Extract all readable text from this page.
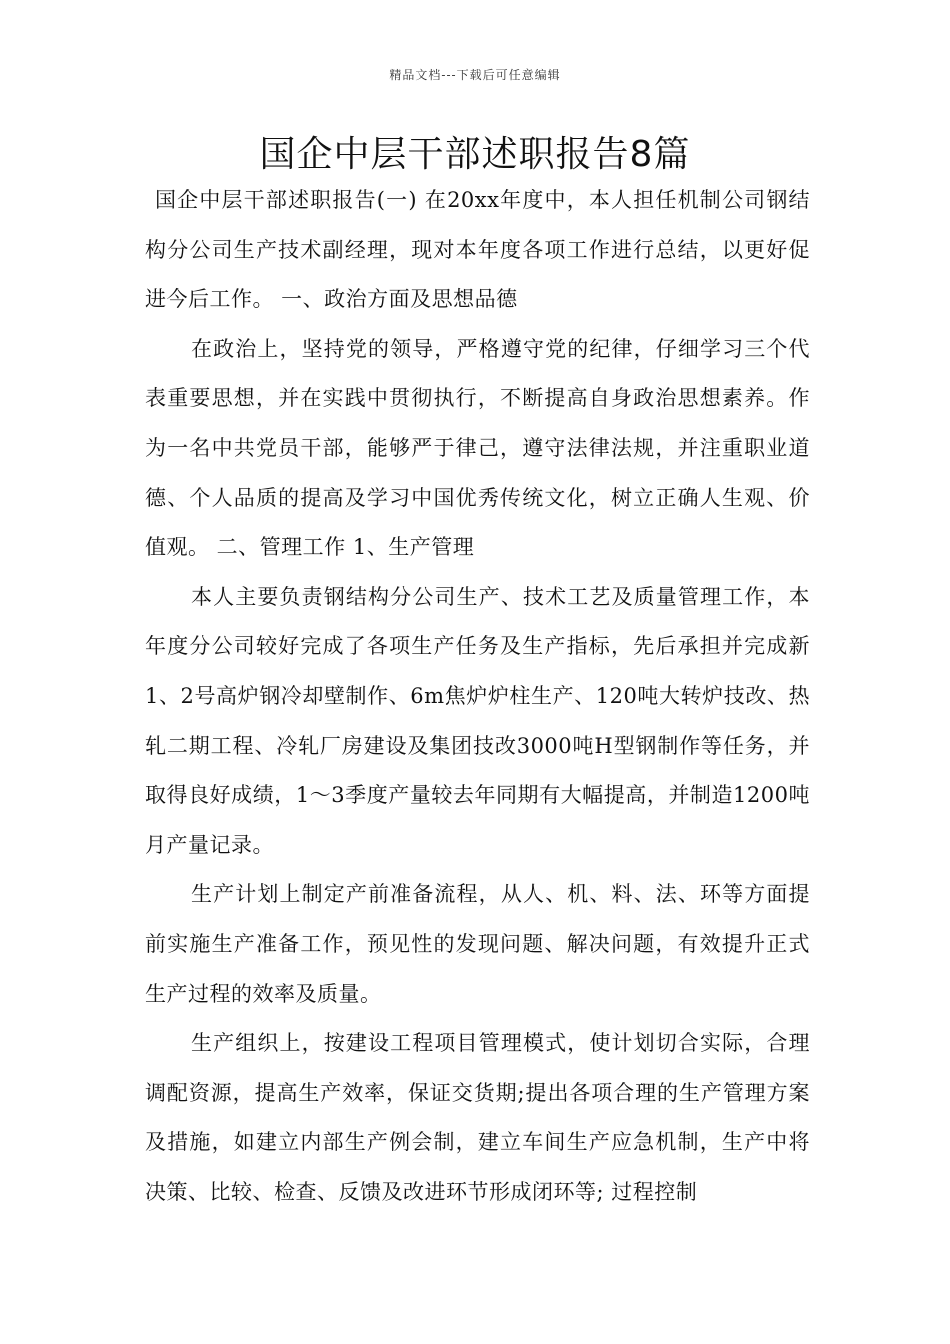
精品文档---下载后可任意编辑
国企中层干部述职报告8篇

国企中层干部述职报告(一) 在20xx年度中，本人担任机制公司钢结构分公司生产技术副经理，现对本年度各项工作进行总结，以更好促进今后工作。 一、政治方面及思想品德

在政治上，坚持党的领导，严格遵守党的纪律，仔细学习三个代表重要思想，并在实践中贯彻执行，不断提高自身政治思想素养。作为一名中共党员干部，能够严于律己，遵守法律法规，并注重职业道德、个人品质的提高及学习中国优秀传统文化，树立正确人生观、价值观。 二、管理工作 1、生产管理

本人主要负责钢结构分公司生产、技术工艺及质量管理工作，本年度分公司较好完成了各项生产任务及生产指标，先后承担并完成新1、2号高炉钢冷却壁制作、6m焦炉炉柱生产、120吨大转炉技改、热轧二期工程、冷轧厂房建设及集团技改3000吨H型钢制作等任务，并取得良好成绩，1～3季度产量较去年同期有大幅提高，并制造1200吨月产量记录。

生产计划上制定产前准备流程，从人、机、料、法、环等方面提前实施生产准备工作，预见性的发现问题、解决问题，有效提升正式生产过程的效率及质量。

生产组织上，按建设工程项目管理模式，使计划切合实际，合理调配资源，提高生产效率，保证交货期;提出各项合理的生产管理方案及措施，如建立内部生产例会制，建立车间生产应急机制，生产中将决策、比较、检查、反馈及改进环节形成闭环等; 过程控制
